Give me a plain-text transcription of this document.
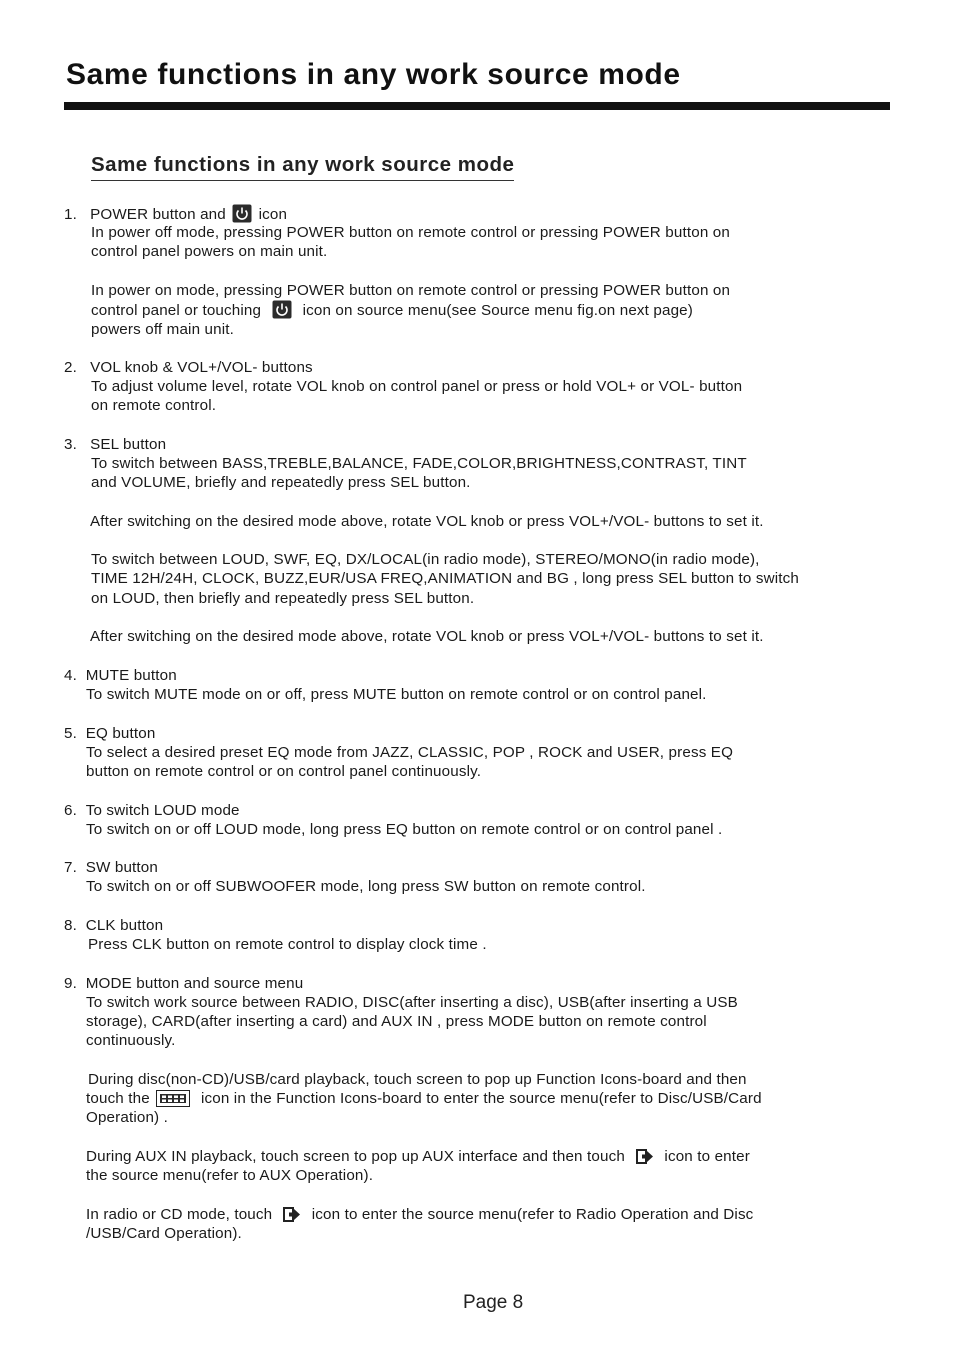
Same functions in any work source mode
Same functions in any work source mode
1. POWER button and icon
In power off mode, pressing POWER button on remote control or pressing POWER button on
control panel powers on main unit.
In power on mode, pressing POWER button on remote control or pressing POWER button on
control panel or touching	icon on source menu(see Source menu fig.on next page)
powers off main unit.
2. VOL knob & VOL+/VOL- buttons
To adjust volume level, rotate VOL knob on control panel or press or hold VOL+ or VOL- button
on remote control.
3. SEL button
To switch between BASS,TREBLE,BALANCE, FADE,COLOR,BRIGHTNESS,CONTRAST, TINT
and VOLUME, briefly and repeatedly press SEL button.
After switching on the desired mode above, rotate VOL knob or press VOL+/VOL- buttons to set it.
To switch between LOUD, SWF, EQ, DX/LOCAL(in radio mode), STEREO/MONO(in radio mode),
TIME 12H/24H, CLOCK, BUZZ,EUR/USA FREQ,ANIMATION and BG , long press SEL button to switch
on LOUD, then briefly and repeatedly press SEL button.
After switching on the desired mode above, rotate VOL knob or press VOL+/VOL- buttons to set it.
4. MUTE button
To switch MUTE mode on or off, press MUTE button on remote control or on control panel.
5. EQ button
To select a desired preset EQ mode from JAZZ, CLASSIC, POP , ROCK and USER, press EQ
button on remote control or on control panel continuously.
6. To switch LOUD mode
To switch on or off LOUD mode, long press EQ button on remote control or on control panel .
7. SW button
To switch on or off SUBWOOFER mode, long press SW button on remote control.
8. CLK button
Press CLK button on remote control to display clock time .
9. MODE button and source menu
To switch work source between RADIO, DISC(after inserting a disc), USB(after inserting a USB
storage), CARD(after inserting a card) and AUX IN , press MODE button on remote control
continuously.
During disc(non-CD)/USB/card playback, touch screen to pop up Function Icons-board and then
touch the	icon in the Function Icons-board to enter the source menu(refer to Disc/USB/Card
Operation) .
During AUX IN playback, touch screen to pop up AUX interface and then touch	icon to enter
the source menu(refer to AUX Operation).
In radio or CD mode, touch	icon to enter the source menu(refer to Radio Operation and Disc
/USB/Card Operation).
Page 8
